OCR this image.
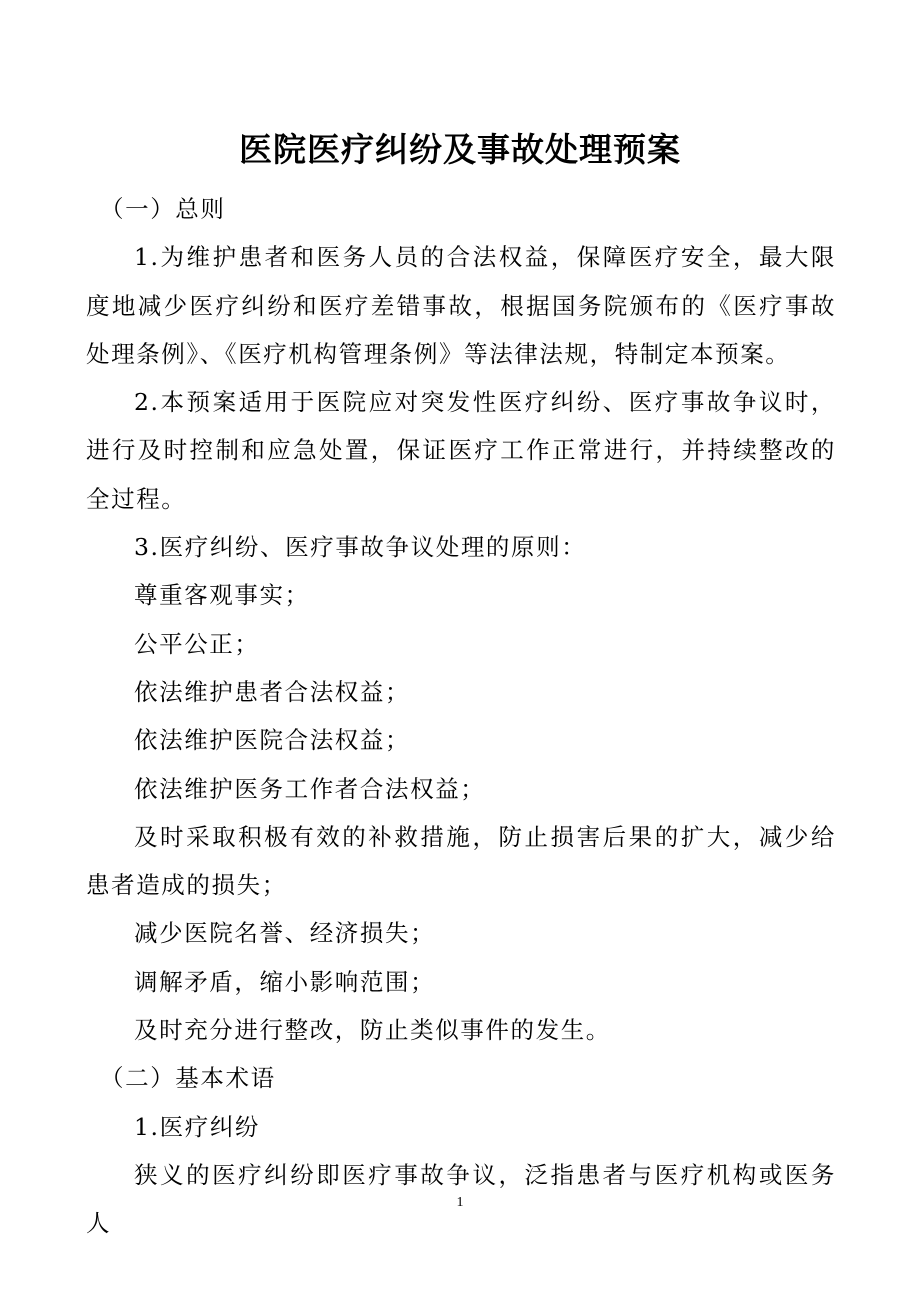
医院医疗纠纷及事故处理预案

（一）总则

1.为维护患者和医务人员的合法权益，保障医疗安全，最大限度地减少医疗纠纷和医疗差错事故，根据国务院颁布的《医疗事故处理条例》、《医疗机构管理条例》等法律法规，特制定本预案。

2.本预案适用于医院应对突发性医疗纠纷、医疗事故争议时，进行及时控制和应急处置，保证医疗工作正常进行，并持续整改的全过程。

3.医疗纠纷、医疗事故争议处理的原则：

尊重客观事实；

公平公正；

依法维护患者合法权益；

依法维护医院合法权益；

依法维护医务工作者合法权益；

及时采取积极有效的补救措施，防止损害后果的扩大，减少给患者造成的损失；

减少医院名誉、经济损失；

调解矛盾，缩小影响范围；

及时充分进行整改，防止类似事件的发生。

（二）基本术语

1.医疗纠纷

狭义的医疗纠纷即医疗事故争议，泛指患者与医疗机构或医务人

1
